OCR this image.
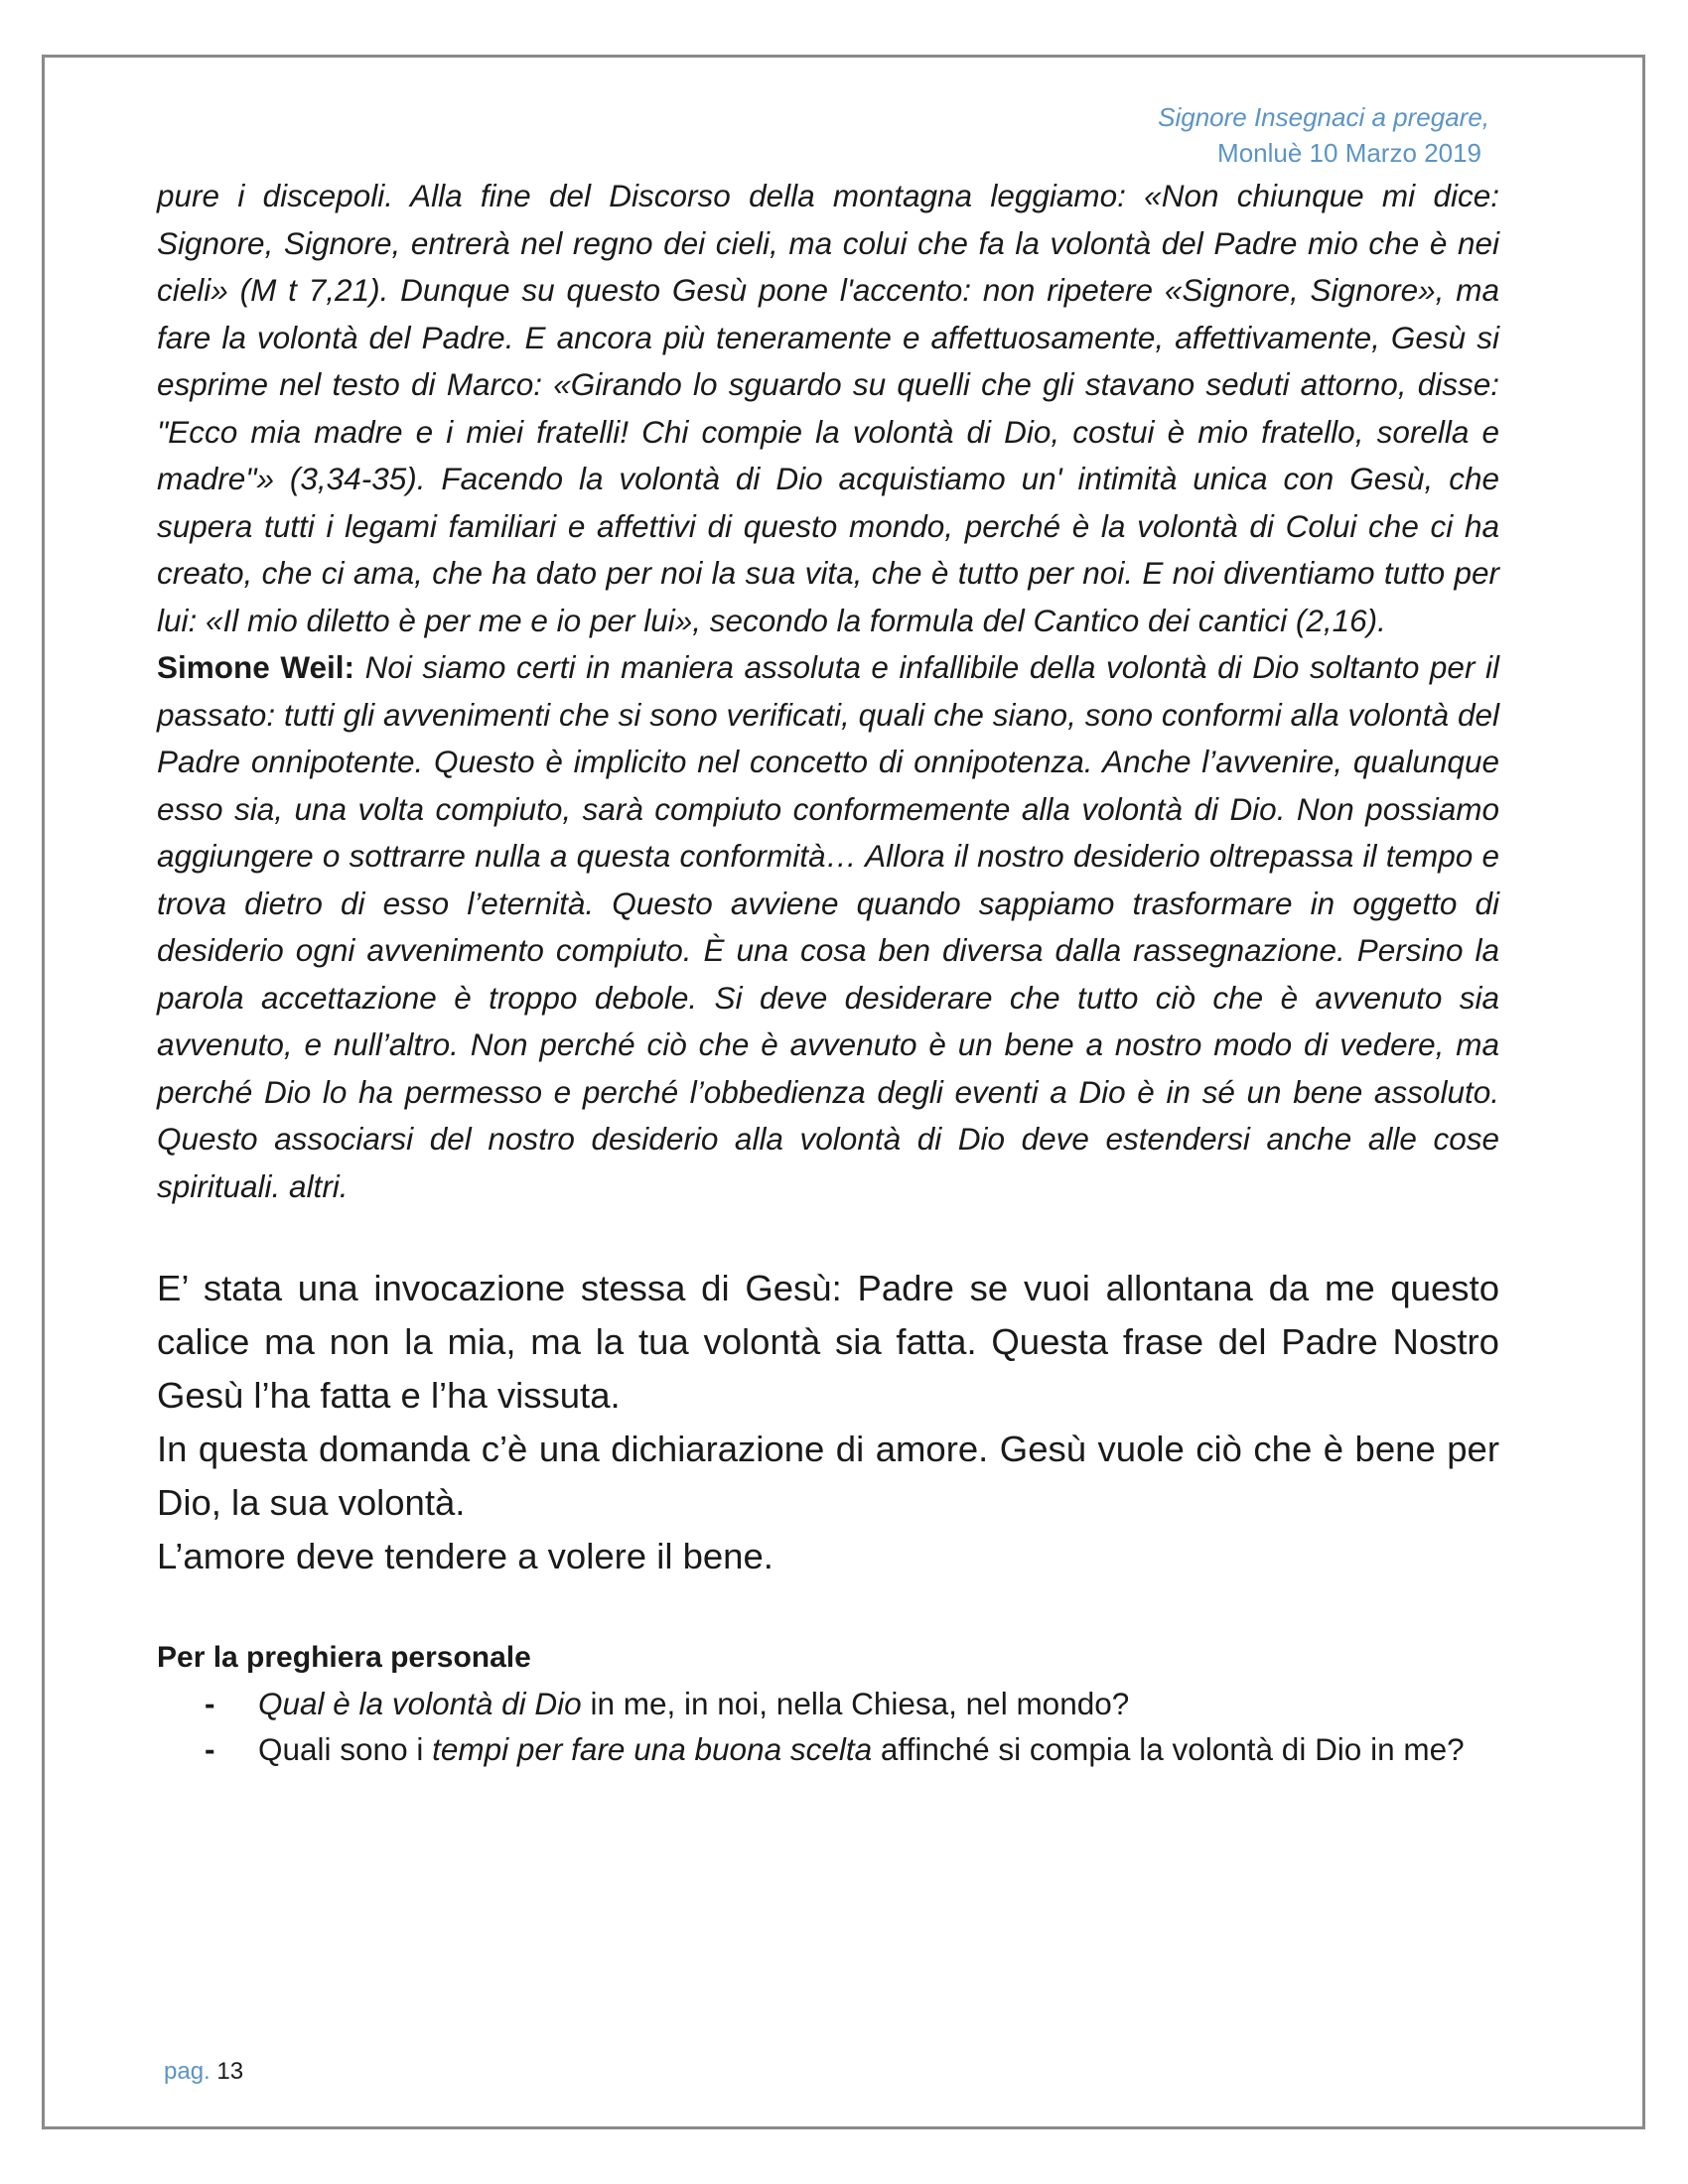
Signore Insegnaci a pregare,
Monluè 10 Marzo 2019

pure i discepoli. Alla fine del Discorso della montagna leggiamo: «Non chiunque mi dice: Signore, Signore, entrerà nel regno dei cieli, ma colui che fa la volontà del Padre mio che è nei cieli» (M t 7,21). Dunque su questo Gesù pone l'accento: non ripetere «Signore, Signore», ma fare la volontà del Padre. E ancora più teneramente e affettuosamente, affettivamente, Gesù si esprime nel testo di Marco: «Girando lo sguardo su quelli che gli stavano seduti attorno, disse: "Ecco mia madre e i miei fratelli! Chi compie la volontà di Dio, costui è mio fratello, sorella e madre"» (3,34-35). Facendo la volontà di Dio acquistiamo un' intimità unica con Gesù, che supera tutti i legami familiari e affettivi di questo mondo, perché è la volontà di Colui che ci ha creato, che ci ama, che ha dato per noi la sua vita, che è tutto per noi. E noi diventiamo tutto per lui: «Il mio diletto è per me e io per lui», secondo la formula del Cantico dei cantici (2,16).

Simone Weil: Noi siamo certi in maniera assoluta e infallibile della volontà di Dio soltanto per il passato: tutti gli avvenimenti che si sono verificati, quali che siano, sono conformi alla volontà del Padre onnipotente. Questo è implicito nel concetto di onnipotenza. Anche l’avvenire, qualunque esso sia, una volta compiuto, sarà compiuto conformemente alla volontà di Dio. Non possiamo aggiungere o sottrarre nulla a questa conformità… Allora il nostro desiderio oltrepassa il tempo e trova dietro di esso l’eternità. Questo avviene quando sappiamo trasformare in oggetto di desiderio ogni avvenimento compiuto. È una cosa ben diversa dalla rassegnazione. Persino la parola accettazione è troppo debole. Si deve desiderare che tutto ciò che è avvenuto sia avvenuto, e null’altro. Non perché ciò che è avvenuto è un bene a nostro modo di vedere, ma perché Dio lo ha permesso e perché l’obbedienza degli eventi a Dio è in sé un bene assoluto. Questo associarsi del nostro desiderio alla volontà di Dio deve estendersi anche alle cose spirituali. altri.

E’ stata una invocazione stessa di Gesù: Padre se vuoi allontana da me questo calice ma non la mia, ma la tua volontà sia fatta. Questa frase del Padre Nostro Gesù l’ha fatta e l’ha vissuta.

In questa domanda c’è una dichiarazione di amore. Gesù vuole ciò che è bene per Dio, la sua volontà.

L’amore deve tendere a volere il bene.

Per la preghiera personale

- Qual è la volontà di Dio in me, in noi, nella Chiesa, nel mondo?
- Quali sono i tempi per fare una buona scelta affinché si compia la volontà di Dio in me?
pag. 13
